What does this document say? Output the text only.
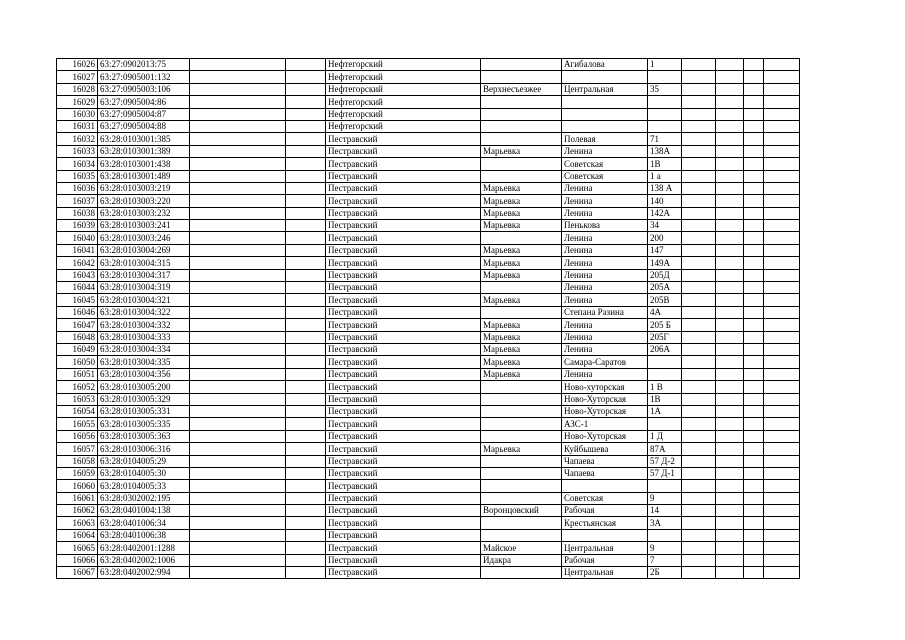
16026	63:27:0902013:75			Нефтегорский		Агибалова	1				
16027	63:27:0905001:132			Нефтегорский							
16028	63:27:0905003:106			Нефтегорский	Верхнесъезжее	Центральная	35				
16029	63:27:0905004:86			Нефтегорский							
16030	63:27:0905004:87			Нефтегорский							
16031	63:27:0905004:88			Нефтегорский							
16032	63:28:0103001:385			Пестравский		Полевая	71				
16033	63:28:0103001:389			Пестравский	Марьевка	Ленина	138А				
16034	63:28:0103001:438			Пестравский		Советская	1В				
16035	63:28:0103001:489			Пестравский		Советская	1 а				
16036	63:28:0103003:219			Пестравский	Марьевка	Ленина	138 А				
16037	63:28:0103003:220			Пестравский	Марьевка	Ленина	140				
16038	63:28:0103003:232			Пестравский	Марьевка	Ленина	142А				
16039	63:28:0103003:241			Пестравский	Марьевка	Пенькова	34				
16040	63:28:0103003:246			Пестравский		Ленина	200				
16041	63:28:0103004:269			Пестравский	Марьевка	Ленина	147				
16042	63:28:0103004:315			Пестравский	Марьевка	Ленина	149А				
16043	63:28:0103004:317			Пестравский	Марьевка	Ленина	205Д				
16044	63:28:0103004:319			Пестравский		Ленина	205А				
16045	63:28:0103004:321			Пестравский	Марьевка	Ленина	205В				
16046	63:28:0103004:322			Пестравский		Степана Разина	4А				
16047	63:28:0103004:332			Пестравский	Марьевка	Ленина	205 Б				
16048	63:28:0103004:333			Пестравский	Марьевка	Ленина	205Г				
16049	63:28:0103004:334			Пестравский	Марьевка	Ленина	206А				
16050	63:28:0103004:335			Пестравский	Марьевка	Самара-Саратов					
16051	63:28:0103004:356			Пестравский	Марьевка	Ленина					
16052	63:28:0103005:200			Пестравский		Ново-хуторская	1 В				
16053	63:28:0103005:329			Пестравский		Ново-Хуторская	1В				
16054	63:28:0103005:331			Пестравский		Ново-Хуторская	1А				
16055	63:28:0103005:335			Пестравский		АЗС-1					
16056	63:28:0103005:363			Пестравский		Ново-Хуторская	1 Д				
16057	63:28:0103006:316			Пестравский	Марьевка	Куйбышева	87А				
16058	63:28:0104005:29			Пестравский		Чапаева	57 Д-2				
16059	63:28:0104005:30			Пестравский		Чапаева	57 Д-1				
16060	63:28:0104005:33			Пестравский							
16061	63:28:0302002:195			Пестравский		Советская	9				
16062	63:28:0401004:138			Пестравский	Воронцовский	Рабочая	14				
16063	63:28:0401006:34			Пестравский		Крестьянская	3А				
16064	63:28:0401006:38			Пестравский							
16065	63:28:0402001:1288			Пестравский	Майское	Центральная	9				
16066	63:28:0402002:1006			Пестравский	Идакра	Рабочая	7				
16067	63:28:0402002:994			Пестравский		Центральная	2Б				
